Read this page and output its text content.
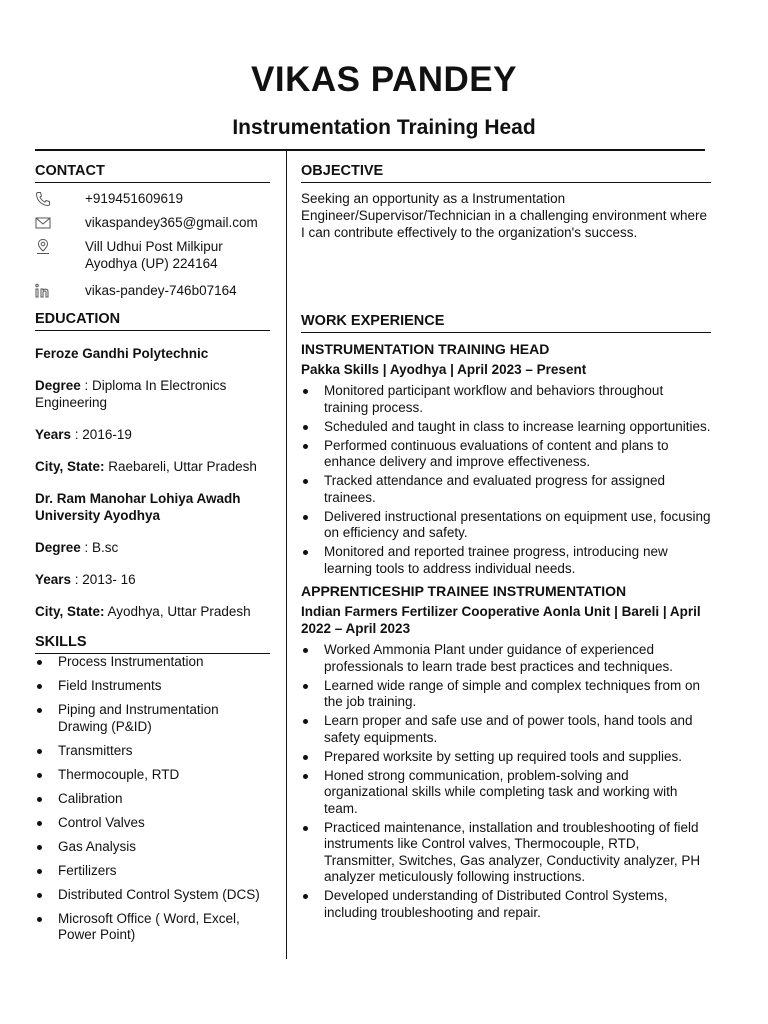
VIKAS PANDEY
Instrumentation Training Head
CONTACT
+919451609619
vikaspandey365@gmail.com
Vill Udhui Post Milkipur
Ayodhya (UP) 224164
vikas-pandey-746b07164
EDUCATION

Feroze Gandhi Polytechnic

Degree : Diploma In Electronics Engineering

Years : 2016-19

City, State: Raebareli, Uttar Pradesh

Dr. Ram Manohar Lohiya Awadh University Ayodhya

Degree : B.sc

Years : 2013- 16

City, State: Ayodhya, Uttar Pradesh

SKILLS
Process Instrumentation
Field Instruments
Piping and Instrumentation Drawing (P&ID)
Transmitters
Thermocouple, RTD
Calibration
Control Valves
Gas Analysis
Fertilizers
Distributed Control System (DCS)
Microsoft Office ( Word, Excel, Power Point)
OBJECTIVE
Seeking an opportunity as a Instrumentation Engineer/Supervisor/Technician in a challenging environment where I can contribute effectively to the organization's success.
WORK EXPERIENCE
INSTRUMENTATION TRAINING HEAD
Pakka Skills | Ayodhya | April 2023 – Present
Monitored participant workflow and behaviors throughout training process.
Scheduled and taught in class to increase learning opportunities.
Performed continuous evaluations of content and plans to enhance delivery and improve effectiveness.
Tracked attendance and evaluated progress for assigned trainees.
Delivered instructional presentations on equipment use, focusing on efficiency and safety.
Monitored and reported trainee progress, introducing new learning tools to address individual needs.
APPRENTICESHIP TRAINEE INSTRUMENTATION
Indian Farmers Fertilizer Cooperative Aonla Unit | Bareli | April 2022 – April 2023
Worked Ammonia Plant under guidance of experienced professionals to learn trade best practices and techniques.
Learned wide range of simple and complex techniques from on the job training.
Learn proper and safe use and of power tools, hand tools and safety equipments.
Prepared worksite by setting up required tools and supplies.
Honed strong communication, problem-solving and organizational skills while completing task and working with team.
Practiced maintenance, installation and troubleshooting of field instruments like Control valves, Thermocouple, RTD, Transmitter, Switches, Gas analyzer, Conductivity analyzer, PH analyzer meticulously following instructions.
Developed understanding of Distributed Control Systems, including troubleshooting and repair.
